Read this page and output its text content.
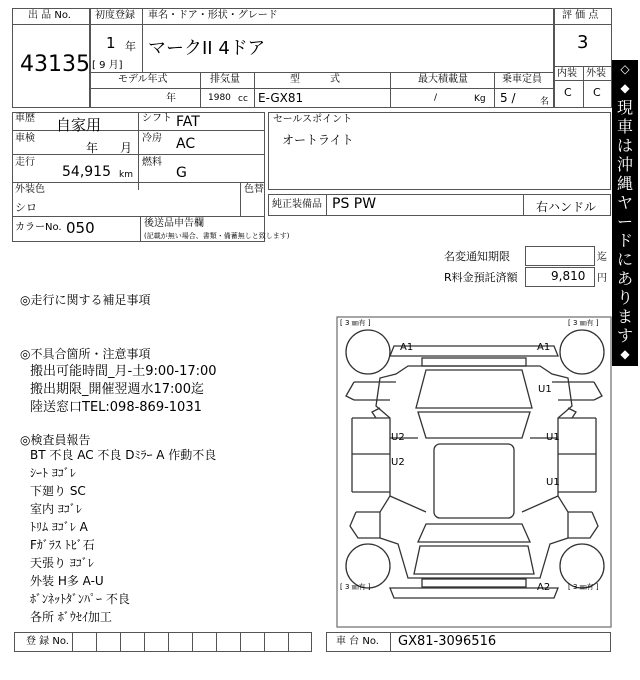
出 品 No.
43135
初度登録 車名・ドア・形状・グレード
1 年
[ 9 月]
マークII 4ドア
評 価 点
3
内装 外装
C C
モデル年式
年
排気量
1980 cc
型　　　式
E-GX81
最大積載量
/	Kg
乗車定員
5 /	名
車歴 自家用	シフト FAT
車検
年 月
冷房 AC
走行
54,915 km
燃料
G
外装色
シロ
色替
カラーNo. 050	後送品申告欄
(記載が無い場合、書類・備蓄無しと致します)
セールスポイント
オートライト
純正装備品 PS PW	右ハンドル
名変通知期限	迄
R料金預託済額	9,810 円
◎走行に関する補足事項
◎不具合箇所・注意事項
搬出可能時間_月-土9:00-17:00
搬出期限_開催翌週水17:00迄
陸送窓口TEL:098-869-1031
◎検査員報告
BT 不良 AC 不良 Dﾐﾗｰ A 作動不良
ｼｰﾄ ﾖｺﾞﾚ
下廻り SC
室内 ﾖｺﾞﾚ
ﾄﾘﾑ ﾖｺﾞﾚ A
Fｶﾞﾗｽ ﾄﾋﾞ石
天張り ﾖｺﾞﾚ
外装 H多 A-U
ﾎﾞﾝﾈｯﾄﾀﾞﾝﾊﾟｰ 不良
各所 ﾎﾞｳｾｲ加工
[ 3 ㎜有 ]	[ 3 ㎜有 ]
[ 3 ㎜有 ]	[ 3 ㎜有 ]
A1	A1
U1
U2	U1
U2
U1
A2
◇
◆
現
車
は
沖
縄
ヤ
ー
ド
に
あ
り
ま
す
◆
◇
登 録 No.	車 台 No. GX81-3096516
